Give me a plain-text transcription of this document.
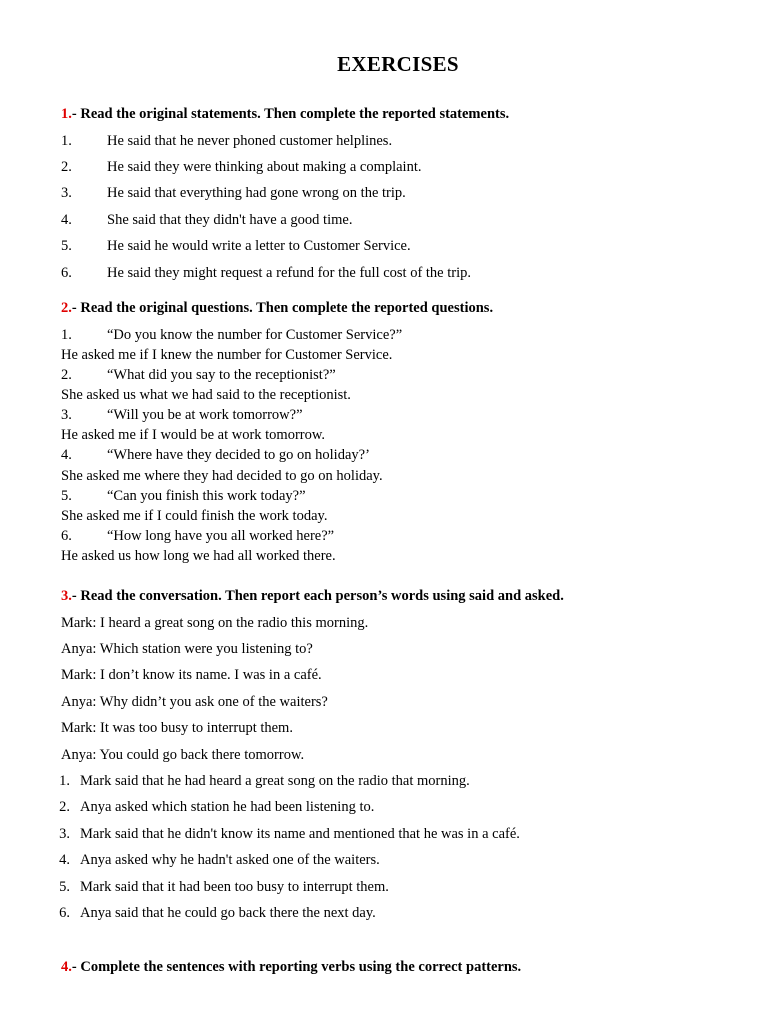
EXERCISES
1.- Read the original statements. Then complete the reported statements.
1. He said that he never phoned customer helplines.
2. He said they were thinking about making a complaint.
3. He said that everything had gone wrong on the trip.
4. She said that they didn't have a good time.
5. He said he would write a letter to Customer Service.
6. He said they might request a refund for the full cost of the trip.
2.- Read the original questions. Then complete the reported questions.
1. “Do you know the number for Customer Service?”
He asked me if I knew the number for Customer Service.
2. “What did you say to the receptionist?”
She asked us what we had said to the receptionist.
3. “Will you be at work tomorrow?”
He asked me if I would be at work tomorrow.
4. “Where have they decided to go on holiday?’
She asked me where they had decided to go on holiday.
5. “Can you finish this work today?”
She asked me if I could finish the work today.
6. “How long have you all worked here?”
He asked us how long we had all worked there.
3.- Read the conversation. Then report each person’s words using said and asked.
Mark: I heard a great song on the radio this morning.
Anya: Which station were you listening to?
Mark: I don’t know its name. I was in a café.
Anya: Why didn’t you ask one of the waiters?
Mark: It was too busy to interrupt them.
Anya: You could go back there tomorrow.
1. Mark said that he had heard a great song on the radio that morning.
2. Anya asked which station he had been listening to.
3. Mark said that he didn't know its name and mentioned that he was in a café.
4. Anya asked why he hadn't asked one of the waiters.
5. Mark said that it had been too busy to interrupt them.
6. Anya said that he could go back there the next day.
4.- Complete the sentences with reporting verbs using the correct patterns.
